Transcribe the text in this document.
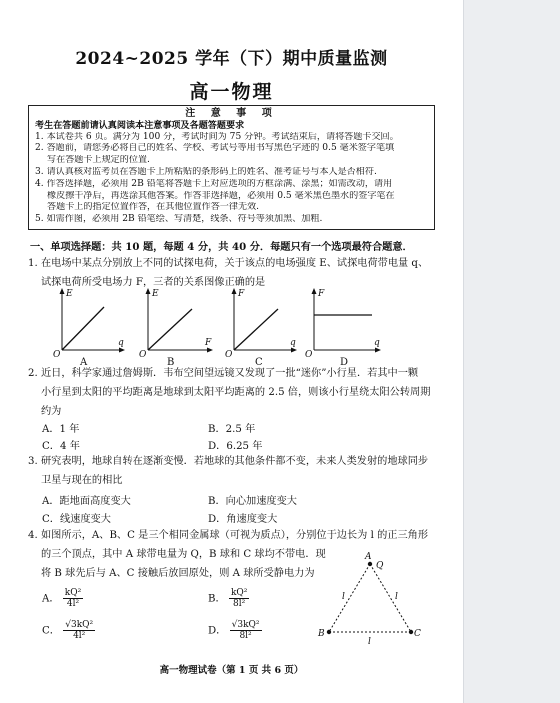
2024~2025 学年（下）期中质量监测
高一物理
注 意 事 项
考生在答题前请认真阅读本注意事项及各题答题要求
1. 本试卷共 6 页。满分为 100 分，考试时间为 75 分钟。考试结束后，请将答题卡交回。
2. 答题前，请您务必将自己的姓名、学校、考试号等用书写黑色字迹的 0.5 毫米签字笔填
写在答题卡上规定的位置.
3. 请认真核对监考员在答题卡上所粘贴的条形码上的姓名、准考证号与本人是否相符.
4. 作答选择题，必须用 2B 铅笔将答题卡上对应选项的方框涂满、涂黑；如需改动，请用
橡皮擦干净后，再选涂其他答案。作答非选择题，必须用 0.5 毫米黑色墨水的签字笔在
答题卡上的指定位置作答，在其他位置作答一律无效.
5. 如需作图，必须用 2B 铅笔绘、写清楚，线条、符号等须加黑、加粗.
一、单项选择题：共 10 题，每题 4 分，共 40 分．每题只有一个选项最符合题意．
1. 在电场中某点分别放上不同的试探电荷，关于该点的电场强度 E、试探电荷带电量 q、
试探电荷所受电场力 F，三者的关系图像正确的是
E
q
E
F
F
q
F
q
O	O	O	O
A	B	C	D
2. 近日，科学家通过詹姆斯．韦布空间望远镜又发现了一批“迷你”小行星．若其中一颗
小行星到太阳的平均距离是地球到太阳平均距离的 2.5 倍，则该小行星绕太阳公转周期
约为
A．1 年	B．2.5 年
C．4 年	D．6.25 年
3. 研究表明，地球自转在逐渐变慢．若地球的其他条件都不变，未来人类发射的地球同步
卫星与现在的相比
A．距地面高度变大	B．向心加速度变大
C．线速度变大	D．角速度变大
4. 如图所示，A、B、C 是三个相同金属球（可视为质点），分别位于边长为 l 的正三角形
的三个顶点，其中 A 球带电量为 Q，B 球和 C 球均不带电．现
将 B 球先后与 A、C 接触后放回原处，则 A 球所受静电力为
A． $\frac{\text{kQ²}}{\text{4l²}}$	B． $\frac{\text{kQ²}}{\text{8l²}}$
C． $\frac{\text{√3kQ²}}{\text{4l²}}$	D． $\frac{\text{√3kQ²}}{\text{8l²}}$
A
Q
B	C
l	l
l
高一物理试卷（第 1 页 共 6 页）
